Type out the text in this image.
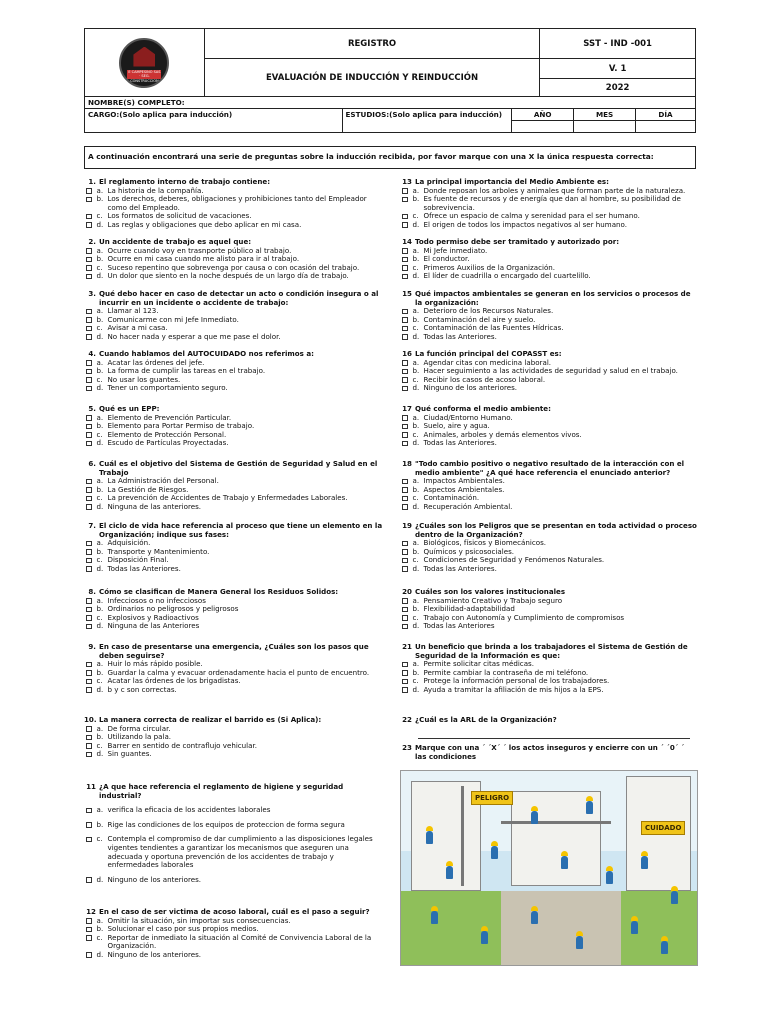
E CAMPESINO SAS · SEG. CONSTRUCCION	REGISTRO	SST - IND -001
	EVALUACIÓN DE INDUCCIÓN Y REINDUCCIÓN	V. 1
		2022
NOMBRE(S) COMPLETO:				
CARGO:(Solo aplica para inducción)	ESTUDIOS:(Solo aplica para inducción)	AÑO	MES	DÍA

A continuación encontrará una serie de preguntas sobre la inducción recibida, por favor marque con una X la única respuesta correcta:
1. El reglamento interno de trabajo contiene:
a. La historia de la compañía.
b. Los derechos, deberes, obligaciones y prohibiciones tanto del Empleador como del Empleado.
c. Los formatos de solicitud de vacaciones.
d. Las reglas y obligaciones que debo aplicar en mi casa.
2. Un accidente de trabajo es aquel que:
a. Ocurre cuando voy en trasnporte público al trabajo.
b. Ocurre en mi casa cuando me alisto para ir al trabajo.
c. Suceso repentino que sobrevenga por causa o con ocasión del trabajo.
d. Un dolor que siento en la noche después de un largo día de trabajo.
3. Qué debo hacer en caso de detectar un acto o condición insegura o al incurrir en un incidente o accidente de trabajo:
a. Llamar al 123.
b. Comunicarme con mi Jefe Inmediato.
c. Avisar a mi casa.
d. No hacer nada y esperar a que me pase el dolor.
4. Cuando hablamos del AUTOCUIDADO nos referimos a:
a. Acatar las órdenes del jefe.
b. La forma de cumplir las tareas en el trabajo.
c. No usar los guantes.
d. Tener un comportamiento seguro.
5. Qué es un EPP:
a. Elemento de Prevención Particular.
b. Elemento para Portar Permiso de trabajo.
c. Elemento de Protección Personal.
d. Escudo de Partículas Proyectadas.
6. Cuál es el objetivo del Sistema de Gestión de Seguridad y Salud en el Trabajo
a. La Administración del Personal.
b. La Gestión de Riesgos.
c. La prevención de Accidentes de Trabajo y Enfermedades Laborales.
d. Ninguna de las anteriores.
7. El ciclo de vida hace referencia al proceso que tiene un elemento en la Organización; indique sus fases:
a. Adquisición.
b. Transporte y Mantenimiento.
c. Disposición Final.
d. Todas las Anteriores.
8. Cómo se clasifican de Manera General los Residuos Solidos:
a. Infecciosos o no infecciosos
b. Ordinarios no peligrosos y peligrosos
c. Explosivos y Radioactivos
d. Ninguna de las Anteriores
9. En caso de presentarse una emergencia, ¿Cuáles son los pasos que deben seguirse?
a. Huir lo más rápido posible.
b. Guardar la calma y evacuar ordenadamente hacia el punto de encuentro.
c. Acatar las órdenes de los brigadistas.
d. b y c son correctas.
10. La manera correcta de realizar el barrido es (Si Aplica):
a. De forma circular.
b. Utilizando la pala.
c. Barrer en sentido de contraflujo vehicular.
d. Sin guantes.
11 ¿A que hace referencia el reglamento de higiene y seguridad industrial?
a. verifica la eficacia de los accidentes laborales
b. Rige las condiciones de los equipos de proteccion de forma segura
c. Contempla el compromiso de dar cumplimiento a las disposiciones legales vigentes tendientes a garantizar los mecanismos que aseguren una adecuada y oportuna prevención de los accidentes de trabajo y enfermedades laborales
d. Ninguno de los anteriores.
12 En el caso de ser victima de acoso laboral, cuál es el paso a seguir?
a. Omitir la situación, sin importar sus consecuencias.
b. Solucionar el caso por sus propios medios.
c. Reportar de inmediato la situación al Comité de Convivencia Laboral de la Organización.
d. Ninguno de los anteriores.
13 La principal importancia del Medio Ambiente es:
a. Donde reposan los arboles y animales que forman parte de la naturaleza.
b. Es fuente de recursos y de energía que dan al hombre, su posibilidad de sobrevivencia.
c. Ofrece un espacio de calma y serenidad para el ser humano.
d. El origen de todos los impactos negativos al ser humano.
14 Todo permiso debe ser tramitado y autorizado por:
a. Mi Jefe inmediato.
b. El conductor.
c. Primeros Auxilios de la Organización.
d. El líder de cuadrilla o encargado del cuartelillo.
15 Qué impactos ambientales se generan en los servicios o procesos de la organización:
a. Deterioro de los Recursos Naturales.
b. Contaminación del aire y suelo.
c. Contaminación de las Fuentes Hídricas.
d. Todas las Anteriores.
16 La función principal del COPASST es:
a. Agendar citas con medicina laboral.
b. Hacer seguimiento a las actividades de seguridad y salud en el trabajo.
c. Recibir los casos de acoso laboral.
d. Ninguno de los anteriores.
17 Qué conforma el medio ambiente:
a. Ciudad/Entorno Humano.
b. Suelo, aire y agua.
c. Animales, arboles y demás elementos vivos.
d. Todas las Anteriores.
18 "Todo cambio positivo o negativo resultado de la interacción con el medio ambiente" ¿A qué hace referencia el enunciado anterior?
a. Impactos Ambientales.
b. Aspectos Ambientales.
c. Contaminación.
d. Recuperación Ambiental.
19 ¿Cuáles son los Peligros que se presentan en toda actividad o proceso dentro de la Organización?
a. Biológicos, físicos y Biomecánicos.
b. Químicos y psicosociales.
c. Condiciones de Seguridad y Fenómenos Naturales.
d. Todas las Anteriores.
20 Cuáles son los valores institucionales
a. Pensamiento Creativo y Trabajo seguro
b. Flexibilidad-adaptabilidad
c. Trabajo con Autonomía y Cumplimiento de compromisos
d. Todas las Anteriores
21 Un beneficio que brinda a los trabajadores el Sistema de Gestión de Seguridad de la Información es que:
a. Permite solicitar citas médicas.
b. Permite cambiar la contraseña de mi teléfono.
c. Protege la información personal de los trabajadores.
d. Ayuda a tramitar la afiliación de mis hijos a la EPS.
22 ¿Cuál es la ARL de la Organización?
23 Marque con una ´ ´X´ ´ los actos inseguros y encierre con un ´ ´0´ ´ las condiciones
PELIGRO
CUIDADO
